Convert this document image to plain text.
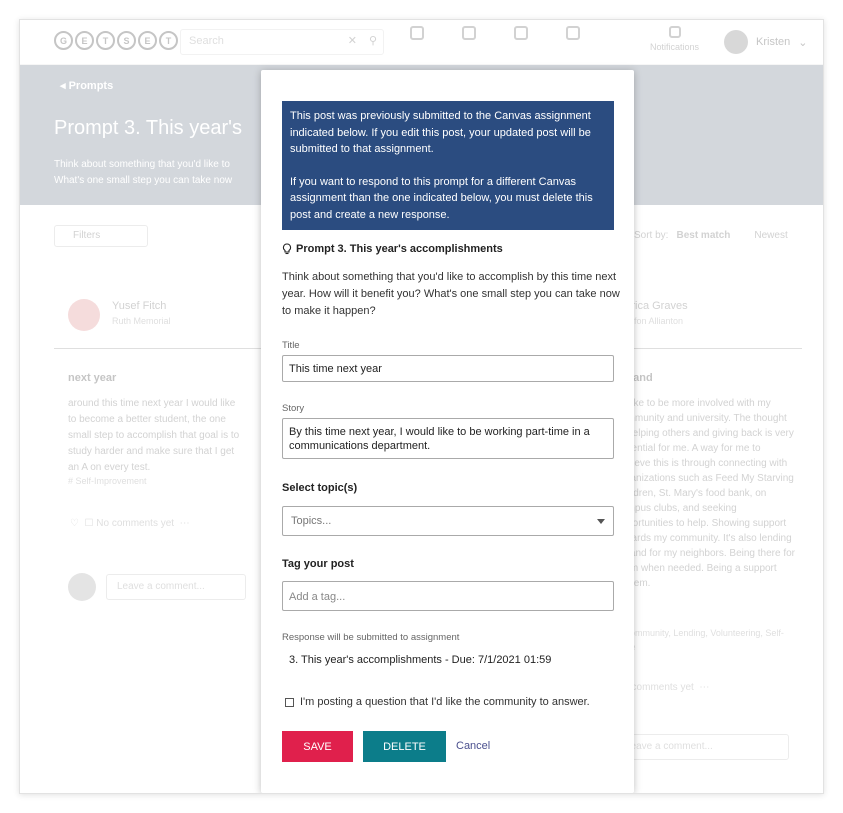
This post was previously submitted to the Canvas assignment indicated below. If you edit this post, your updated post will be submitted to that assignment.

If you want to respond to this prompt for a different Canvas assignment than the one indicated below, you must delete this post and create a new response.

Prompt 3. This year's accomplishments
Think about something that you'd like to accomplish by this time next year. How will it benefit you? What's one small step you can take now to make it happen?
Title
This time next year
Story
By this time next year, I would like to be working part-time in a communications department.
Select topic(s)
Topics...
Tag your post
Add a tag...
Response will be submitted to assignment
3. This year's accomplishments - Due: 7/1/2021 01:59
I'm posting a question that I'd like the community to answer.
SAVE	DELETE	Cancel
